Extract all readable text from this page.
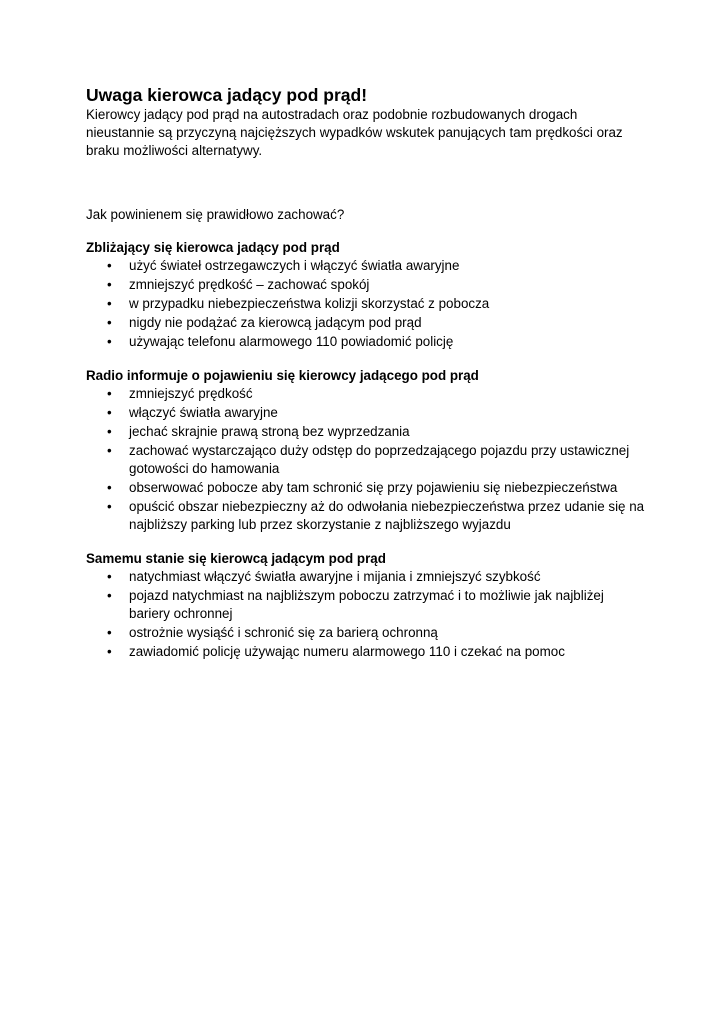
Uwaga kierowca jadący pod prąd!

Kierowcy jadący pod prąd na autostradach oraz podobnie rozbudowanych drogach nieustannie są przyczyną najcięższych wypadków wskutek panujących tam prędkości oraz braku możliwości alternatywy.

Jak powinienem się prawidłowo zachować?

Zbliżający się kierowca jadący pod prąd
• użyć świateł ostrzegawczych i włączyć światła awaryjne
• zmniejszyć prędkość – zachować spokój
• w przypadku niebezpieczeństwa kolizji skorzystać z pobocza
• nigdy nie podążać za kierowcą jadącym pod prąd
• używając telefonu alarmowego 110 powiadomić policję
Radio informuje o pojawieniu się kierowcy jadącego pod prąd
• zmniejszyć prędkość
• włączyć światła awaryjne
• jechać skrajnie prawą stroną bez wyprzedzania
• zachować wystarczająco duży odstęp do poprzedzającego pojazdu przy ustawicznej gotowości do hamowania
• obserwować pobocze aby tam schronić się przy pojawieniu się niebezpieczeństwa
• opuścić obszar niebezpieczny aż do odwołania niebezpieczeństwa przez udanie się na najbliższy parking lub przez skorzystanie z najbliższego wyjazdu
Samemu stanie się kierowcą jadącym pod prąd
• natychmiast włączyć światła awaryjne i mijania i zmniejszyć szybkość
• pojazd natychmiast na najbliższym poboczu zatrzymać i to możliwie jak najbliżej bariery ochronnej
• ostrożnie wysiąść i schronić się za barierą ochronną
• zawiadomić policję używając numeru alarmowego 110 i czekać na pomoc
